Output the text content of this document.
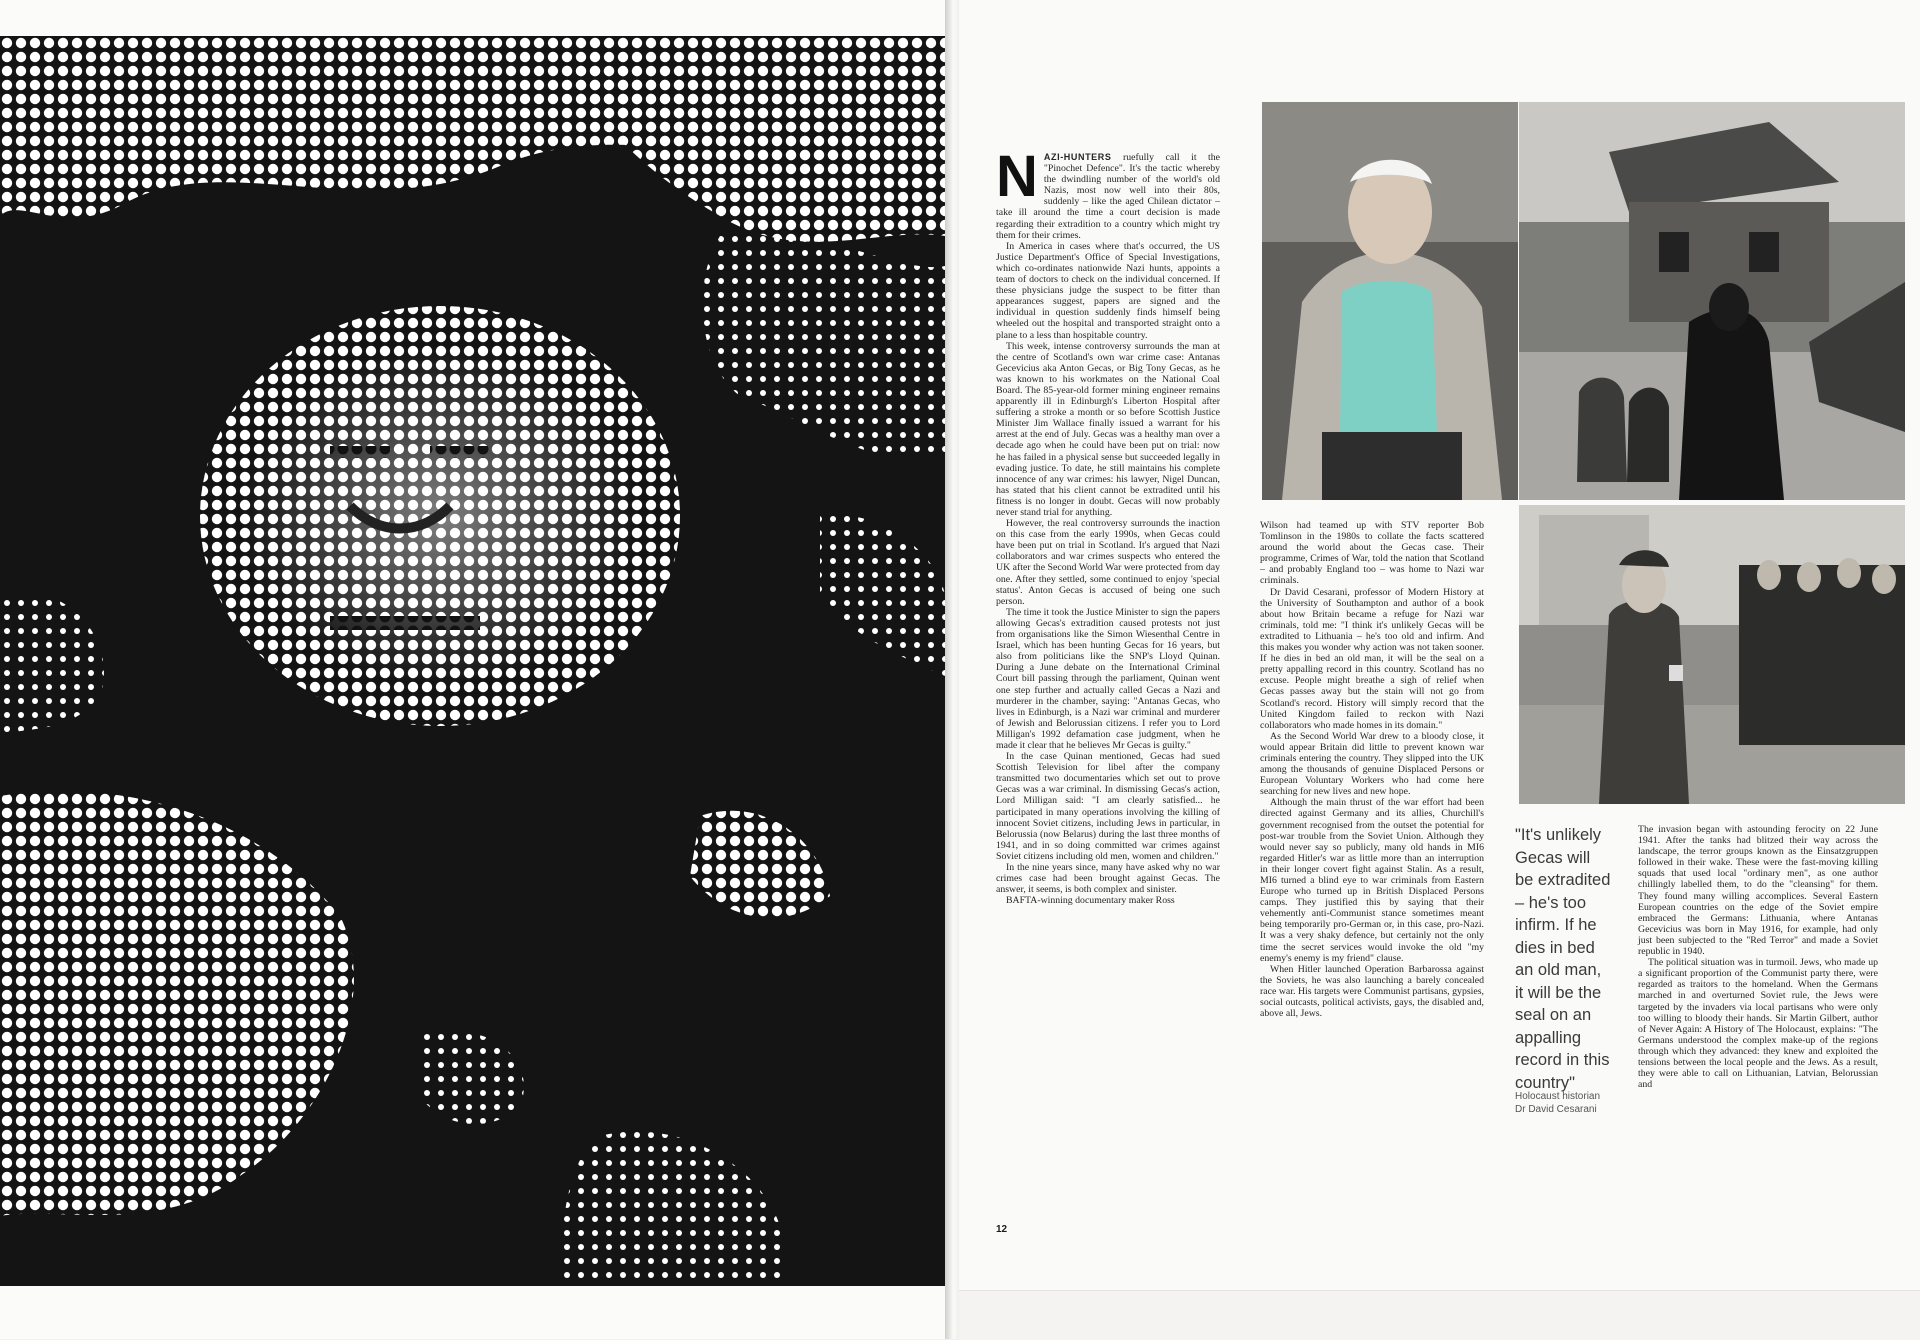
NAZI-HUNTERS ruefully call it the "Pinochet Defence". It's the tactic whereby the dwindling number of the world's old Nazis, most now well into their 80s, suddenly – like the aged Chilean dictator – take ill around the time a court decision is made regarding their extradition to a country which might try them for their crimes.

In America in cases where that's occurred, the US Justice Department's Office of Special Investigations, which co-ordinates nationwide Nazi hunts, appoints a team of doctors to check on the individual concerned. If these physicians judge the suspect to be fitter than appearances suggest, papers are signed and the individual in question suddenly finds himself being wheeled out the hospital and transported straight onto a plane to a less than hospitable country.

This week, intense controversy surrounds the man at the centre of Scotland's own war crime case: Antanas Gecevicius aka Anton Gecas, or Big Tony Gecas, as he was known to his workmates on the National Coal Board. The 85-year-old former mining engineer remains apparently ill in Edinburgh's Liberton Hospital after suffering a stroke a month or so before Scottish Justice Minister Jim Wallace finally issued a warrant for his arrest at the end of July. Gecas was a healthy man over a decade ago when he could have been put on trial: now he has failed in a physical sense but succeeded legally in evading justice. To date, he still maintains his complete innocence of any war crimes: his lawyer, Nigel Duncan, has stated that his client cannot be extradited until his fitness is no longer in doubt. Gecas will now probably never stand trial for anything.

However, the real controversy surrounds the inaction on this case from the early 1990s, when Gecas could have been put on trial in Scotland. It's argued that Nazi collaborators and war crimes suspects who entered the UK after the Second World War were protected from day one. After they settled, some continued to enjoy 'special status'. Anton Gecas is accused of being one such person.

The time it took the Justice Minister to sign the papers allowing Gecas's extradition caused protests not just from organisations like the Simon Wiesenthal Centre in Israel, which has been hunting Gecas for 16 years, but also from politicians like the SNP's Lloyd Quinan. During a June debate on the International Criminal Court bill passing through the parliament, Quinan went one step further and actually called Gecas a Nazi and murderer in the chamber, saying: "Antanas Gecas, who lives in Edinburgh, is a Nazi war criminal and murderer of Jewish and Belorussian citizens. I refer you to Lord Milligan's 1992 defamation case judgment, when he made it clear that he believes Mr Gecas is guilty."

In the case Quinan mentioned, Gecas had sued Scottish Television for libel after the company transmitted two documentaries which set out to prove Gecas was a war criminal. In dismissing Gecas's action, Lord Milligan said: "I am clearly satisfied... he participated in many operations involving the killing of innocent Soviet citizens, including Jews in particular, in Belorussia (now Belarus) during the last three months of 1941, and in so doing committed war crimes against Soviet citizens including old men, women and children."

In the nine years since, many have asked why no war crimes case had been brought against Gecas. The answer, it seems, is both complex and sinister.

BAFTA-winning documentary maker Ross

Wilson had teamed up with STV reporter Bob Tomlinson in the 1980s to collate the facts scattered around the world about the Gecas case. Their programme, Crimes of War, told the nation that Scotland – and probably England too – was home to Nazi war criminals.

Dr David Cesarani, professor of Modern History at the University of Southampton and author of a book about how Britain became a refuge for Nazi war criminals, told me: "I think it's unlikely Gecas will be extradited to Lithuania – he's too old and infirm. And this makes you wonder why action was not taken sooner. If he dies in bed an old man, it will be the seal on a pretty appalling record in this country. Scotland has no excuse. People might breathe a sigh of relief when Gecas passes away but the stain will not go from Scotland's record. History will simply record that the United Kingdom failed to reckon with Nazi collaborators who made homes in its domain."

As the Second World War drew to a bloody close, it would appear Britain did little to prevent known war criminals entering the country. They slipped into the UK among the thousands of genuine Displaced Persons or European Voluntary Workers who had come here searching for new lives and new hope.

Although the main thrust of the war effort had been directed against Germany and its allies, Churchill's government recognised from the outset the potential for post-war trouble from the Soviet Union. Although they would never say so publicly, many old hands in MI6 regarded Hitler's war as little more than an interruption in their longer covert fight against Stalin. As a result, MI6 turned a blind eye to war criminals from Eastern Europe who turned up in British Displaced Persons camps. They justified this by saying that their vehemently anti-Communist stance sometimes meant being temporarily pro-German or, in this case, pro-Nazi. It was a very shaky defence, but certainly not the only time the secret services would invoke the old "my enemy's enemy is my friend" clause.

When Hitler launched Operation Barbarossa against the Soviets, he was also launching a barely concealed race war. His targets were Communist partisans, gypsies, social outcasts, political activists, gays, the disabled and, above all, Jews.

"It's unlikely Gecas will be extradited – he's too infirm. If he dies in bed an old man, it will be the seal on an appalling record in this country"
Holocaust historian
Dr David Cesarani

The invasion began with astounding ferocity on 22 June 1941. After the tanks had blitzed their way across the landscape, the terror groups known as the Einsatzgruppen followed in their wake. These were the fast-moving killing squads that used local "ordinary men", as one author chillingly labelled them, to do the "cleansing" for them. They found many willing accomplices. Several Eastern European countries on the edge of the Soviet empire embraced the Germans: Lithuania, where Antanas Gecevicius was born in May 1916, for example, had only just been subjected to the "Red Terror" and made a Soviet republic in 1940.

The political situation was in turmoil. Jews, who made up a significant proportion of the Communist party there, were regarded as traitors to the homeland. When the Germans marched in and overturned Soviet rule, the Jews were targeted by the invaders via local partisans who were only too willing to bloody their hands. Sir Martin Gilbert, author of Never Again: A History of The Holocaust, explains: "The Germans understood the complex make-up of the regions through which they advanced: they knew and exploited the tensions between the local people and the Jews. As a result, they were able to call on Lithuanian, Latvian, Belorussian and

12
